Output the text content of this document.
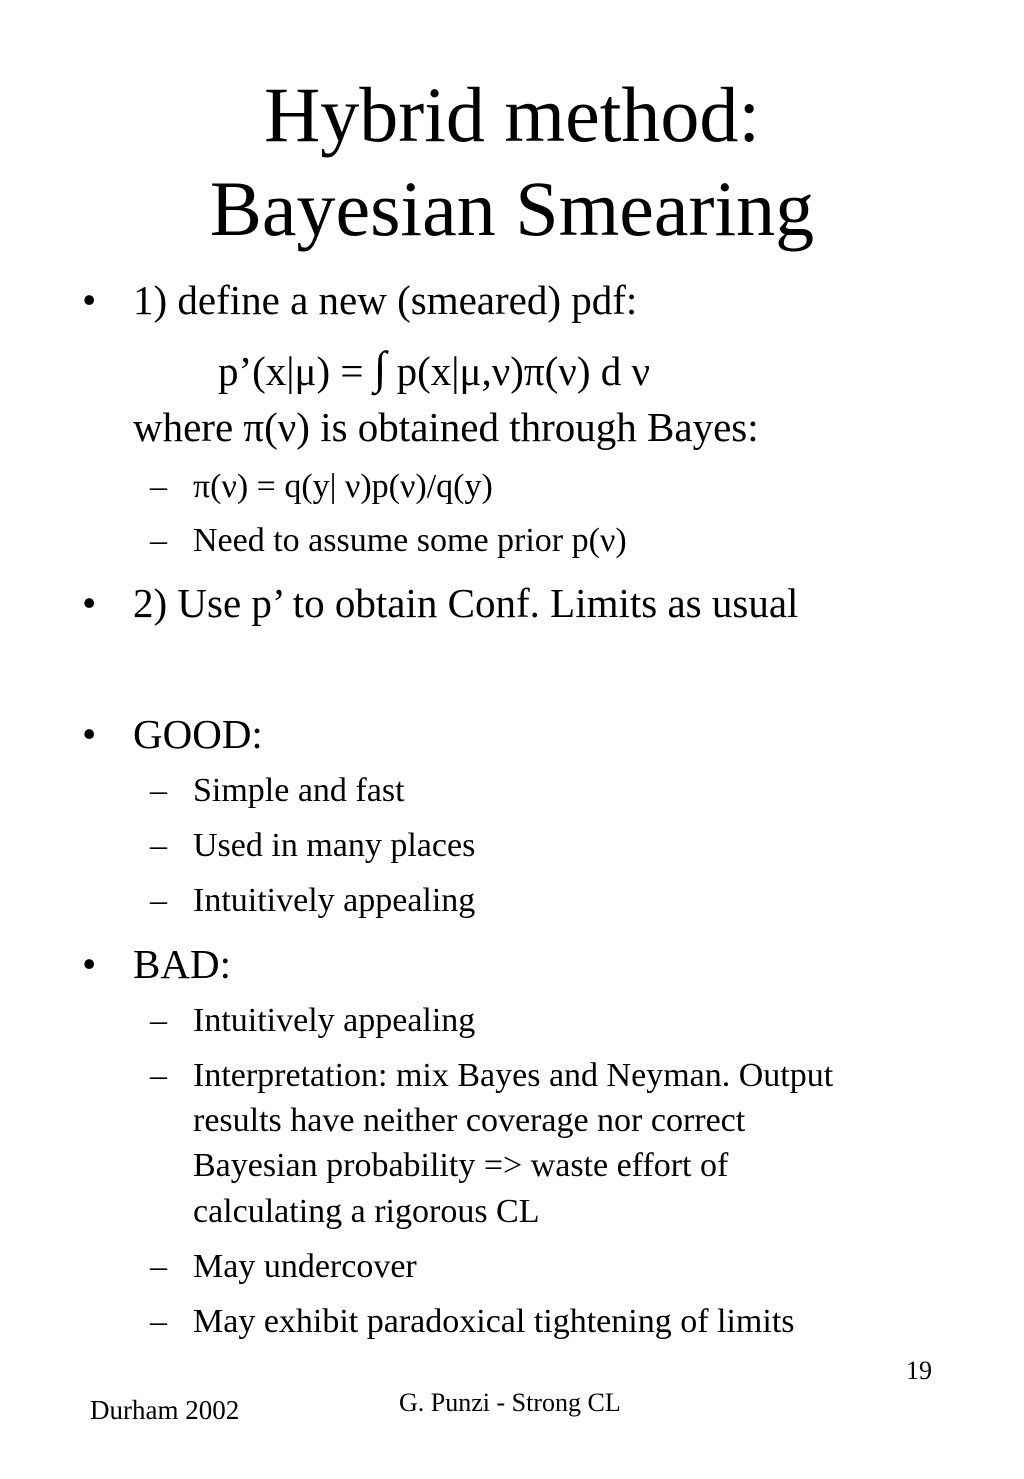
Hybrid method:
Bayesian Smearing
• 1) define a new (smeared) pdf:
p’(x|μ) = ∫ p(x|μ,ν)π(ν) d ν
where π(ν) is obtained through Bayes:
– π(ν) = q(y| ν)p(ν)/q(y)
– Need to assume some prior p(ν)
• 2) Use p’ to obtain Conf. Limits as usual
• GOOD:
– Simple and fast
– Used in many places
– Intuitively appealing
• BAD:
– Intuitively appealing
– Interpretation: mix Bayes and Neyman. Output
results have neither coverage nor correct
Bayesian probability => waste effort of
calculating a rigorous CL
– May undercover
– May exhibit paradoxical tightening of limits
19
Durham 2002	G. Punzi - Strong CL
